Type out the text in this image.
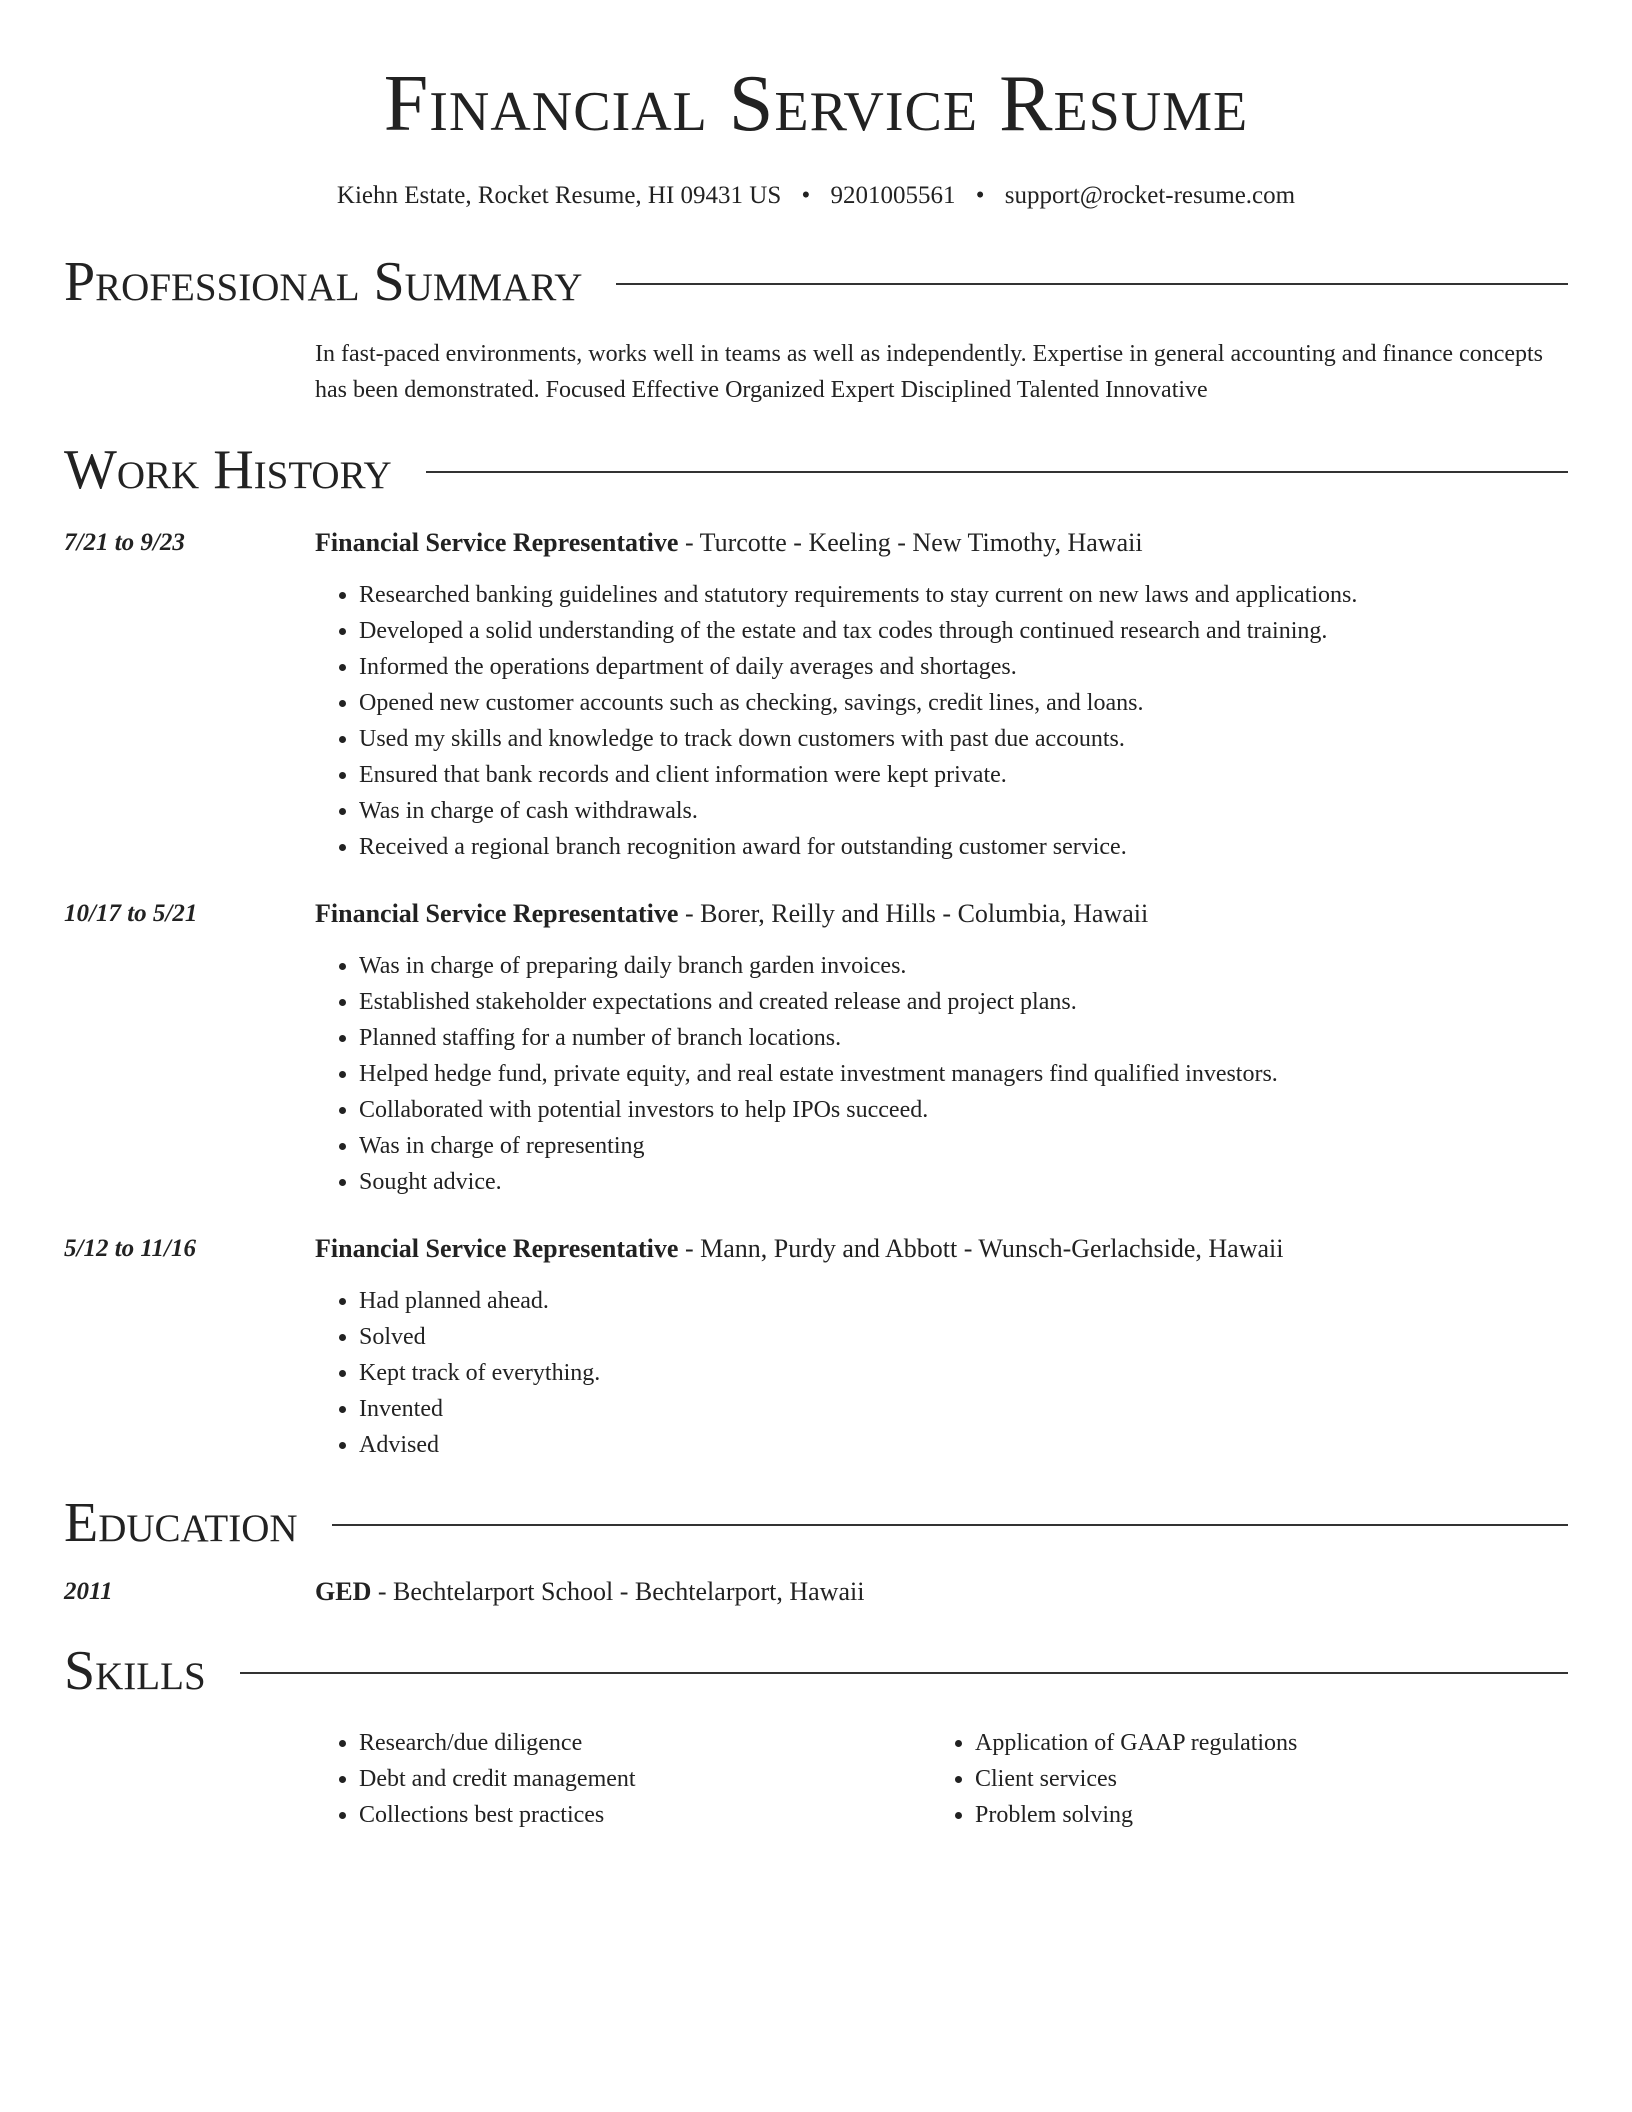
Financial Service Resume
Kiehn Estate, Rocket Resume, HI 09431 US • 9201005561 • support@rocket-resume.com
Professional Summary
In fast-paced environments, works well in teams as well as independently. Expertise in general accounting and finance concepts has been demonstrated. Focused Effective Organized Expert Disciplined Talented Innovative
Work History
7/21 to 9/23	Financial Service Representative - Turcotte - Keeling - New Timothy, Hawaii
• Researched banking guidelines and statutory requirements to stay current on new laws and applications.
• Developed a solid understanding of the estate and tax codes through continued research and training.
• Informed the operations department of daily averages and shortages.
• Opened new customer accounts such as checking, savings, credit lines, and loans.
• Used my skills and knowledge to track down customers with past due accounts.
• Ensured that bank records and client information were kept private.
• Was in charge of cash withdrawals.
• Received a regional branch recognition award for outstanding customer service.
10/17 to 5/21	Financial Service Representative - Borer, Reilly and Hills - Columbia, Hawaii
• Was in charge of preparing daily branch garden invoices.
• Established stakeholder expectations and created release and project plans.
• Planned staffing for a number of branch locations.
• Helped hedge fund, private equity, and real estate investment managers find qualified investors.
• Collaborated with potential investors to help IPOs succeed.
• Was in charge of representing
• Sought advice.
5/12 to 11/16	Financial Service Representative - Mann, Purdy and Abbott - Wunsch-Gerlachside, Hawaii
• Had planned ahead.
• Solved
• Kept track of everything.
• Invented
• Advised
Education
2011	GED - Bechtelarport School - Bechtelarport, Hawaii
Skills
• Research/due diligence
• Debt and credit management
• Collections best practices
• Application of GAAP regulations
• Client services
• Problem solving
